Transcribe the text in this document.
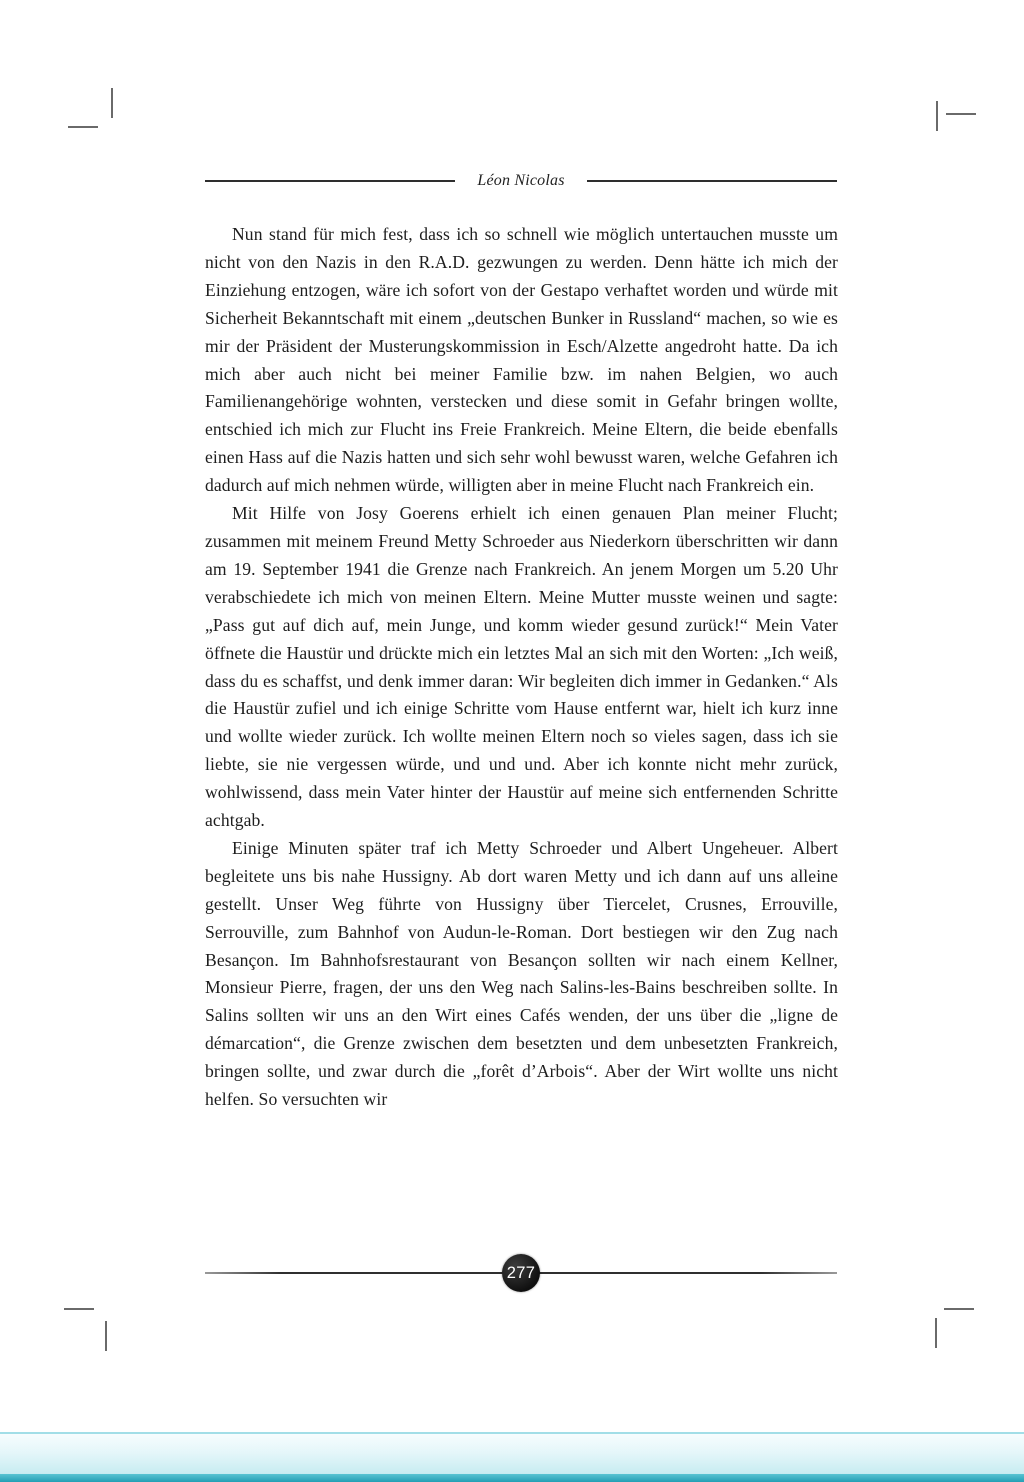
Léon Nicolas

Nun stand für mich fest, dass ich so schnell wie möglich untertauchen musste um nicht von den Nazis in den R.A.D. gezwungen zu werden. Denn hätte ich mich der Einziehung entzogen, wäre ich sofort von der Gestapo verhaftet worden und würde mit Sicherheit Bekanntschaft mit einem „deutschen Bunker in Russland“ machen, so wie es mir der Präsident der Musterungskommission in Esch/Alzette angedroht hatte. Da ich mich aber auch nicht bei meiner Familie bzw. im nahen Belgien, wo auch Familienangehörige wohnten, verstecken und diese somit in Gefahr bringen wollte, entschied ich mich zur Flucht ins Freie Frankreich. Meine Eltern, die beide ebenfalls einen Hass auf die Nazis hatten und sich sehr wohl bewusst waren, welche Gefahren ich dadurch auf mich nehmen würde, willigten aber in meine Flucht nach Frankreich ein.

Mit Hilfe von Josy Goerens erhielt ich einen genauen Plan meiner Flucht; zusammen mit meinem Freund Metty Schroeder aus Niederkorn überschritten wir dann am 19. September 1941 die Grenze nach Frankreich. An jenem Morgen um 5.20 Uhr verabschiedete ich mich von meinen Eltern. Meine Mutter musste weinen und sagte: „Pass gut auf dich auf, mein Junge, und komm wieder gesund zurück!“ Mein Vater öffnete die Haustür und drückte mich ein letztes Mal an sich mit den Worten: „Ich weiß, dass du es schaffst, und denk immer daran: Wir begleiten dich immer in Gedanken.“ Als die Haustür zufiel und ich einige Schritte vom Hause entfernt war, hielt ich kurz inne und wollte wieder zurück. Ich wollte meinen Eltern noch so vieles sagen, dass ich sie liebte, sie nie vergessen würde, und und und. Aber ich konnte nicht mehr zurück, wohlwissend, dass mein Vater hinter der Haustür auf meine sich entfernenden Schritte achtgab.

Einige Minuten später traf ich Metty Schroeder und Albert Ungeheuer. Albert begleitete uns bis nahe Hussigny. Ab dort waren Metty und ich dann auf uns alleine gestellt. Unser Weg führte von Hussigny über Tiercelet, Crusnes, Errouville, Serrouville, zum Bahnhof von Audun-le-Roman. Dort bestiegen wir den Zug nach Besançon. Im Bahnhofsrestaurant von Besançon sollten wir nach einem Kellner, Monsieur Pierre, fragen, der uns den Weg nach Salins-les-Bains beschreiben sollte. In Salins sollten wir uns an den Wirt eines Cafés wenden, der uns über die „ligne de démarcation“, die Grenze zwischen dem besetzten und dem unbesetzten Frankreich, bringen sollte, und zwar durch die „forêt d’Arbois“. Aber der Wirt wollte uns nicht helfen. So versuchten wir

277
